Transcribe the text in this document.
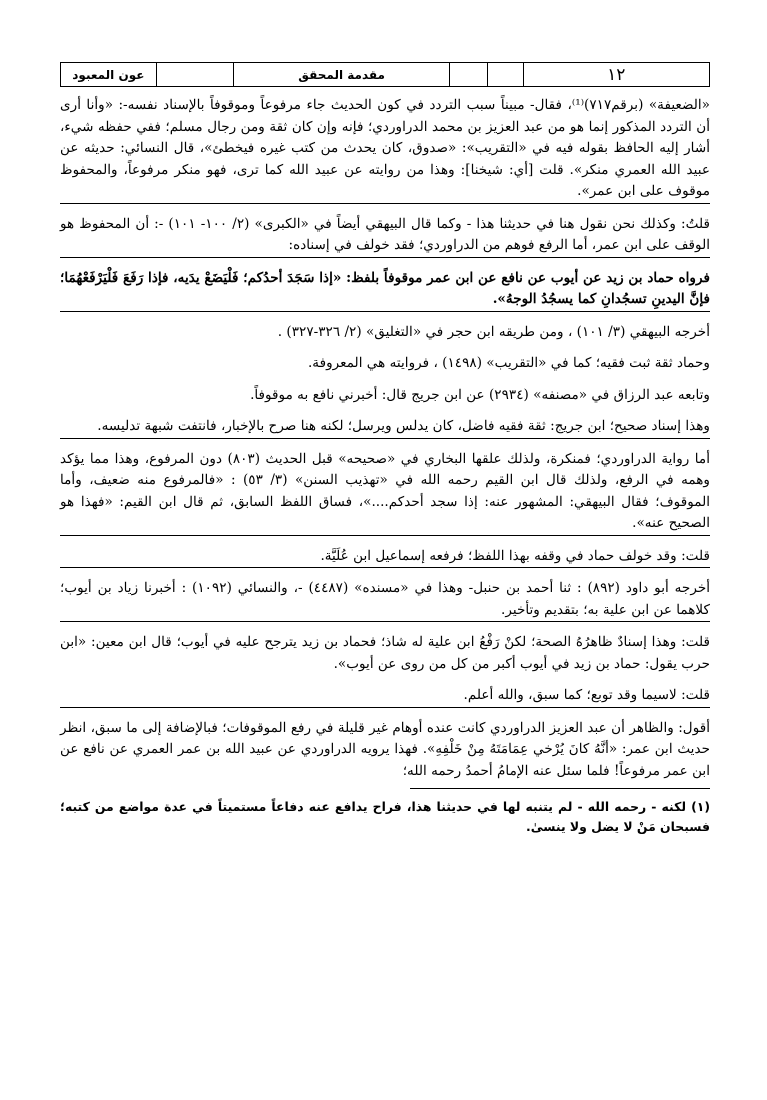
عون المعبود	مقدمة المحقق	١٢

«الضعيفة» (برقم٧١٧)⁽¹⁾، فقال- مبيناً سبب التردد في كون الحديث جاء مرفوعاً وموقوفاً بالإسناد نفسه-: «وأنا أرى أن التردد المذكور إنما هو من عبد العزيز بن محمد الدراوردي؛ فإنه وإن كان ثقة ومن رجال مسلم؛ ففي حفظه شيء، أشار إليه الحافظ بقوله فيه في «التقريب»: «صدوق، كان يحدث من كتب غيره فيخطئ»، قال النسائي: حديثه عن عبيد الله العمري منكر». قلت [أي: شيخنا]: وهذا من روايته عن عبيد الله كما ترى، فهو منكر مرفوعاً، والمحفوظ موقوف على ابن عمر».

قلتُ: وكذلك نحن نقول هنا في حديثنا هذا - وكما قال البيهقي أيضاً في «الكبرى» (٢/ ١٠٠- ١٠١) -: أن المحفوظ هو الوقف على ابن عمر، أما الرفع فوهم من الدراوردي؛ فقد خولف في إسناده:

فرواه حماد بن زيد عن أيوب عن نافع عن ابن عمر موقوفاً بلفظ: «إذا سَجَدَ أحدُكم؛ فَلْيَضَعْ يدَيه، فإذا رَفَعَ فَلْيَرْفَعْهُمَا؛ فإنَّ اليدينِ تسجُدانِ كما يسجُدُ الوجهُ».

أخرجه البيهقي (٣/ ١٠١) ، ومن طريقه ابن حجر في «التغليق» (٢/ ٣٢٦-٣٢٧) .

وحماد ثقة ثبت فقيه؛ كما في «التقريب» (١٤٩٨) ، فروايته هي المعروفة.

وتابعه عبد الرزاق في «مصنفه» (٢٩٣٤) عن ابن جريج قال: أخبرني نافع به موقوفاً.

وهذا إسناد صحيح؛ ابن جريج: ثقة فقيه فاضل، كان يدلس ويرسل؛ لكنه هنا صرح بالإخبار، فانتفت شبهة تدليسه.

أما رواية الدراوردي؛ فمنكرة، ولذلك علقها البخاري في «صحيحه» قبل الحديث (٨٠٣) دون المرفوع، وهذا مما يؤكد وهمه في الرفع، ولذلك قال ابن القيم رحمه الله في «تهذيب السنن» (٣/ ٥٣) : «فالمرفوع منه ضعيف، وأما الموقوف؛ فقال البيهقي: المشهور عنه: إذا سجد أحدكم....»، فساق اللفظ السابق، ثم قال ابن القيم: «فهذا هو الصحيح عنه».

قلت: وقد خولف حماد في وقفه بهذا اللفظ؛ فرفعه إسماعيل ابن عُلَيَّة.

أخرجه أبو داود (٨٩٢) : ثنا أحمد بن حنبل- وهذا في «مسنده» (٤٤٨٧) -، والنسائي (١٠٩٢) : أخبرنا زياد بن أيوب؛ كلاهما عن ابن علية به؛ بتقديم وتأخير.

قلت: وهذا إسنادٌ ظاهرُهُ الصحة؛ لكنْ رَفْعُ ابن علية له شاذ؛ فحماد بن زيد يترجح عليه في أيوب؛ قال ابن معين: «ابن حرب يقول: حماد بن زيد في أيوب أكبر من كل من روى عن أيوب».

قلت: لاسيما وقد توبع؛ كما سبق، والله أعلم.

أقول: والظاهر أن عبد العزيز الدراوردي كانت عنده أوهام غير قليلة في رفع الموقوفات؛ فبالإضافة إلى ما سبق، انظر حديث ابن عمر: «أنَّهُ كانَ يُرْخي عِمَامَتَهُ مِنْ خَلْفِهِ». فهذا يرويه الدراوردي عن عبيد الله بن عمر العمري عن نافع عن ابن عمر مرفوعاً! فلما سئل عنه الإمامُ أحمدُ رحمه الله؛

(١) لكنه - رحمه الله - لم يتنبه لها في حديثنا هذا، فراح يدافع عنه دفاعاً مستميتاً في عدة مواضع من كتبه؛ فسبحان مَنْ لا يضل ولا ينسىٰ.
